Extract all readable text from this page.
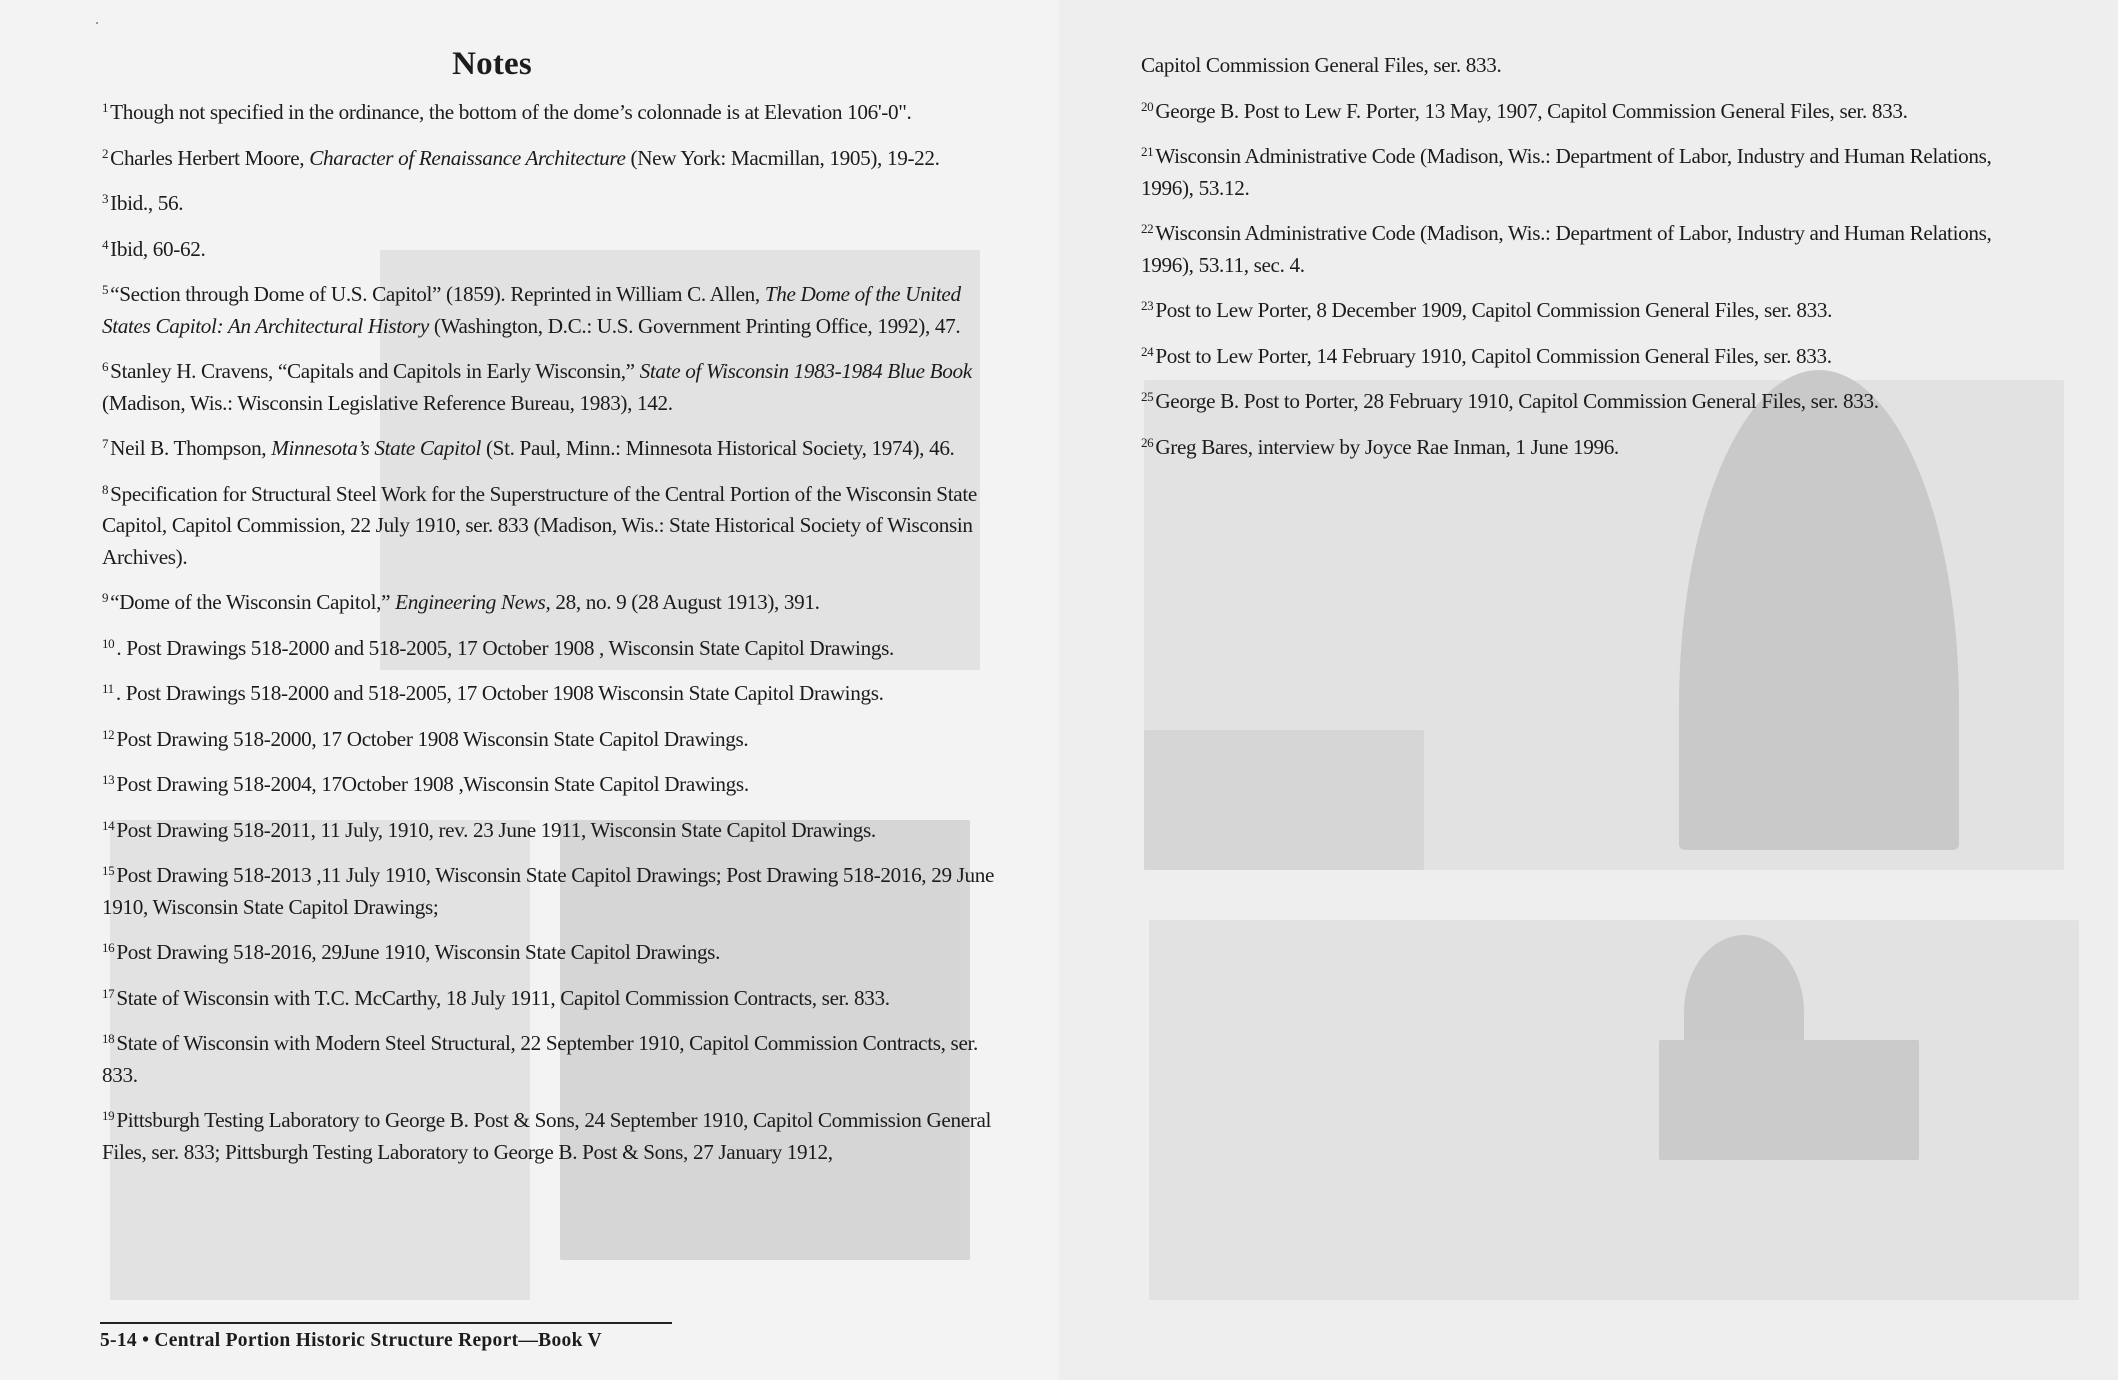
Notes

$^1$Though not specified in the ordinance, the bottom of the dome’s colonnade is at Elevation 106'-0".

$^2$Charles Herbert Moore, Character of Renaissance Architecture (New York: Macmillan, 1905), 19-22.

$^3$Ibid., 56.

$^4$Ibid, 60-62.

$^5$“Section through Dome of U.S. Capitol” (1859). Reprinted in William C. Allen, The Dome of the United States Capitol: An Architectural History (Washington, D.C.: U.S. Government Printing Office, 1992), 47.

$^6$Stanley H. Cravens, “Capitals and Capitols in Early Wisconsin,” State of Wisconsin 1983-1984 Blue Book (Madison, Wis.: Wisconsin Legislative Reference Bureau, 1983), 142.

$^7$Neil B. Thompson, Minnesota’s State Capitol (St. Paul, Minn.: Minnesota Historical Society, 1974), 46.

$^8$Specification for Structural Steel Work for the Superstructure of the Central Portion of the Wisconsin State Capitol, Capitol Commission, 22 July 1910, ser. 833 (Madison, Wis.: State Historical Society of Wisconsin Archives).

$^9$“Dome of the Wisconsin Capitol,” Engineering News, 28, no. 9 (28 August 1913), 391.

$^{10}$. Post Drawings 518-2000 and 518-2005, 17 October 1908 , Wisconsin State Capitol Drawings.

$^{11}$. Post Drawings 518-2000 and 518-2005, 17 October 1908 Wisconsin State Capitol Drawings.

$^{12}$Post Drawing 518-2000, 17 October 1908 Wisconsin State Capitol Drawings.

$^{13}$Post Drawing 518-2004, 17October 1908 ,Wisconsin State Capitol Drawings.

$^{14}$Post Drawing 518-2011, 11 July, 1910, rev. 23 June 1911, Wisconsin State Capitol Drawings.

$^{15}$Post Drawing 518-2013 ,11 July 1910, Wisconsin State Capitol Drawings; Post Drawing 518-2016, 29 June 1910, Wisconsin State Capitol Drawings;

$^{16}$Post Drawing 518-2016, 29June 1910, Wisconsin State Capitol Drawings.

$^{17}$State of Wisconsin with T.C. McCarthy, 18 July 1911, Capitol Commission Contracts, ser. 833.

$^{18}$State of Wisconsin with Modern Steel Structural, 22 September 1910, Capitol Commission Contracts, ser. 833.

$^{19}$Pittsburgh Testing Laboratory to George B. Post & Sons, 24 September 1910, Capitol Commission General Files, ser. 833; Pittsburgh Testing Laboratory to George B. Post & Sons, 27 January 1912,

5-14 • Central Portion Historic Structure Report—Book V

Capitol Commission General Files, ser. 833.

$^{20}$George B. Post to Lew F. Porter, 13 May, 1907, Capitol Commission General Files, ser. 833.

$^{21}$Wisconsin Administrative Code (Madison, Wis.: Department of Labor, Industry and Human Relations, 1996), 53.12.

$^{22}$Wisconsin Administrative Code (Madison, Wis.: Department of Labor, Industry and Human Relations, 1996), 53.11, sec. 4.

$^{23}$Post to Lew Porter, 8 December 1909, Capitol Commission General Files, ser. 833.

$^{24}$Post to Lew Porter, 14 February 1910, Capitol Commission General Files, ser. 833.

$^{25}$George B. Post to Porter, 28 February 1910, Capitol Commission General Files, ser. 833.

$^{26}$Greg Bares, interview by Joyce Rae Inman, 1 June 1996.
